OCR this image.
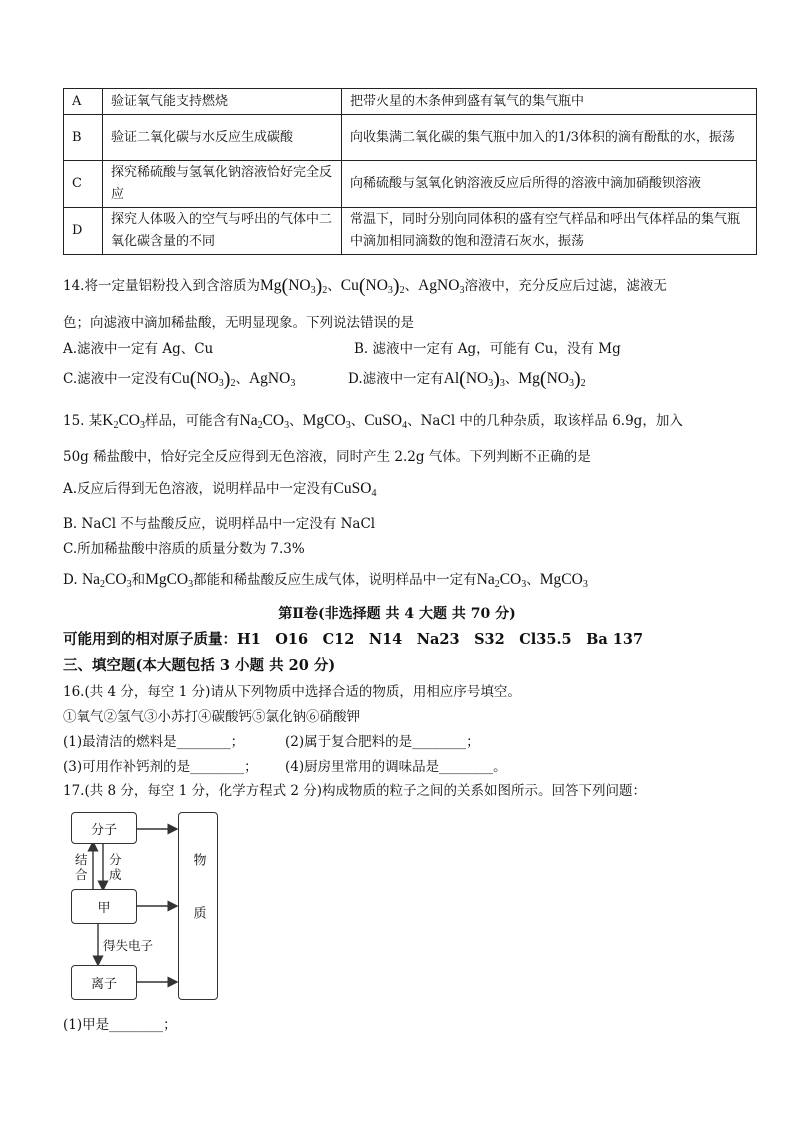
A	验证氧气能支持燃烧	把带火星的木条伸到盛有氧气的集气瓶中
B	验证二氧化碳与水反应生成碳酸	向收集满二氧化碳的集气瓶中加入的1/3体积的滴有酚酞的水，振荡
C	探究稀硫酸与氢氧化钠溶液恰好完全反应	向稀硫酸与氢氧化钠溶液反应后所得的溶液中滴加硝酸钡溶液
D	探究人体吸入的空气与呼出的气体中二氧化碳含量的不同	常温下，同时分别向同体积的盛有空气样品和呼出气体样品的集气瓶中滴加相同滴数的饱和澄清石灰水，振荡
14.将一定量铝粉投入到含溶质为$Mg(NO_3)_2$、$Cu(NO_3)_2$、AgNO$_3$溶液中，充分反应后过滤，滤液无
色；向滤液中滴加稀盐酸，无明显现象。下列说法错误的是
A.滤液中一定有 Ag、Cu	B. 滤液中一定有 Ag，可能有 Cu，没有 Mg
C.滤液中一定没有$Cu(NO_3)_2$、AgNO$_3$	D.滤液中一定有$Al(NO_3)_3$、$Mg(NO_3)_2$
15. 某$K_2CO_3$样品，可能含有$Na_2CO_3$、MgCO$_3$、CuSO$_4$、NaCl 中的几种杂质，取该样品 6.9g，加入
50g 稀盐酸中，恰好完全反应得到无色溶液，同时产生 2.2g 气体。下列判断不正确的是
A.反应后得到无色溶液，说明样品中一定没有CuSO$_4$
B. NaCl 不与盐酸反应，说明样品中一定没有 NaCl
C.所加稀盐酸中溶质的质量分数为 7.3%
D. $Na_2CO_3$和MgCO$_3$都能和稀盐酸反应生成气体，说明样品中一定有$Na_2CO_3$、MgCO$_3$
第Ⅱ卷(非选择题 共 4 大题 共 70 分)
可能用到的相对原子质量：H1　O16　C12　N14　Na23　S32　Cl35.5　Ba 137
三、填空题(本大题包括 3 小题 共 20 分)
16.(共 4 分，每空 1 分)请从下列物质中选择合适的物质，用相应序号填空。
①氧气②氢气③小苏打④碳酸钙⑤氯化钠⑥硝酸钾
(1)最清洁的燃料是________；	(2)属于复合肥料的是________；
(3)可用作补钙剂的是________； (4)厨房里常用的调味品是________。
17.(共 8 分，每空 1 分，化学方程式 2 分)构成物质的粒子之间的关系如图所示。回答下列问题：
分子
甲
离子
物质
结合
分成
得失电子
(1)甲是________；
